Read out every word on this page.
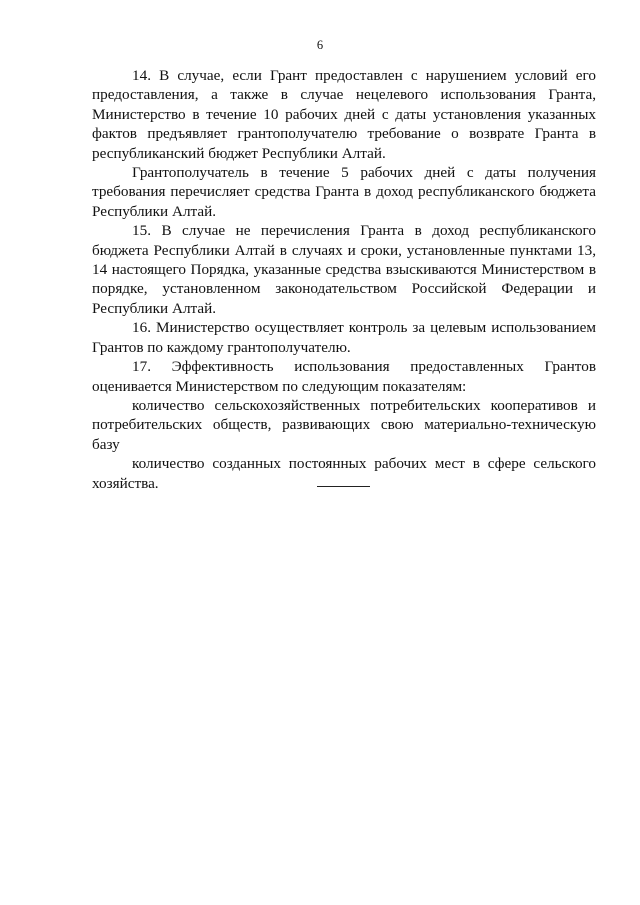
6

14. В случае, если Грант предоставлен с нарушением условий его предоставления, а также в случае нецелевого использования Гранта, Министерство в течение 10 рабочих дней с даты установления указанных фактов предъявляет грантополучателю требование о возврате Гранта в республиканский бюджет Республики Алтай.

Грантополучатель в течение 5 рабочих дней с даты получения требования перечисляет средства Гранта в доход республиканского бюджета Республики Алтай.

15. В случае не перечисления Гранта в доход республиканского бюджета Республики Алтай в случаях и сроки, установленные пунктами 13, 14 настоящего Порядка, указанные средства взыскиваются Министерством в порядке, установленном законодательством Российской Федерации и Республики Алтай.

16. Министерство осуществляет контроль за целевым использованием Грантов по каждому грантополучателю.

17. Эффективность использования предоставленных Грантов оценивается Министерством по следующим показателям:

количество сельскохозяйственных потребительских кооперативов и потребительских обществ, развивающих свою материально-техническую базу

количество созданных постоянных рабочих мест в сфере сельского хозяйства.
